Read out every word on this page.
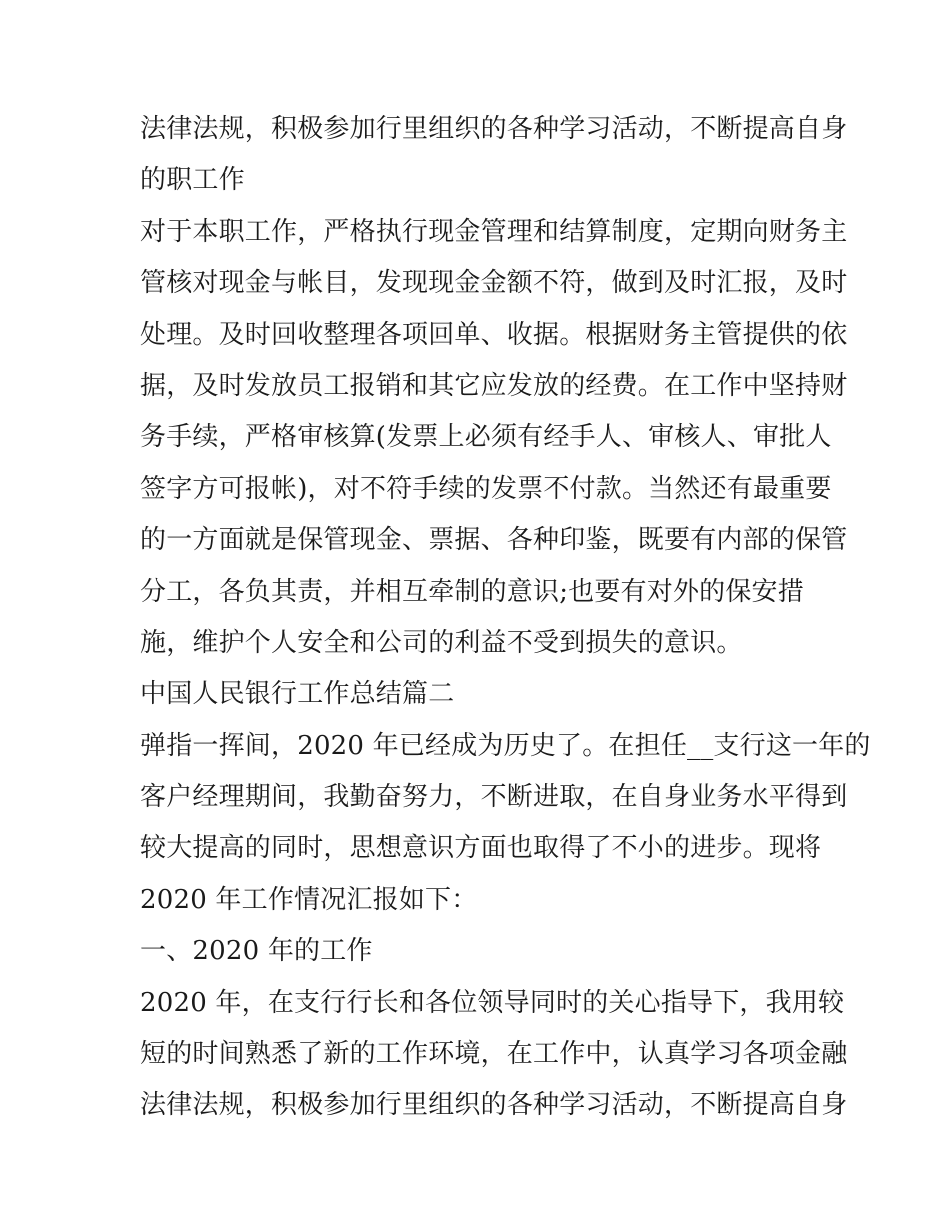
法律法规，积极参加行里组织的各种学习活动，不断提高自身
的职工作
对于本职工作，严格执行现金管理和结算制度，定期向财务主
管核对现金与帐目，发现现金金额不符，做到及时汇报，及时
处理。及时回收整理各项回单、收据。根据财务主管提供的依
据，及时发放员工报销和其它应发放的经费。在工作中坚持财
务手续，严格审核算(发票上必须有经手人、审核人、审批人
签字方可报帐)，对不符手续的发票不付款。当然还有最重要
的一方面就是保管现金、票据、各种印鉴，既要有内部的保管
分工，各负其责，并相互牵制的意识;也要有对外的保安措
施，维护个人安全和公司的利益不受到损失的意识。
中国人民银行工作总结篇二
弹指一挥间，2020 年已经成为历史了。在担任__支行这一年的
客户经理期间，我勤奋努力，不断进取，在自身业务水平得到
较大提高的同时，思想意识方面也取得了不小的进步。现将
2020 年工作情况汇报如下：
一、2020 年的工作
2020 年，在支行行长和各位领导同时的关心指导下，我用较
短的时间熟悉了新的工作环境，在工作中，认真学习各项金融
法律法规，积极参加行里组织的各种学习活动，不断提高自身
